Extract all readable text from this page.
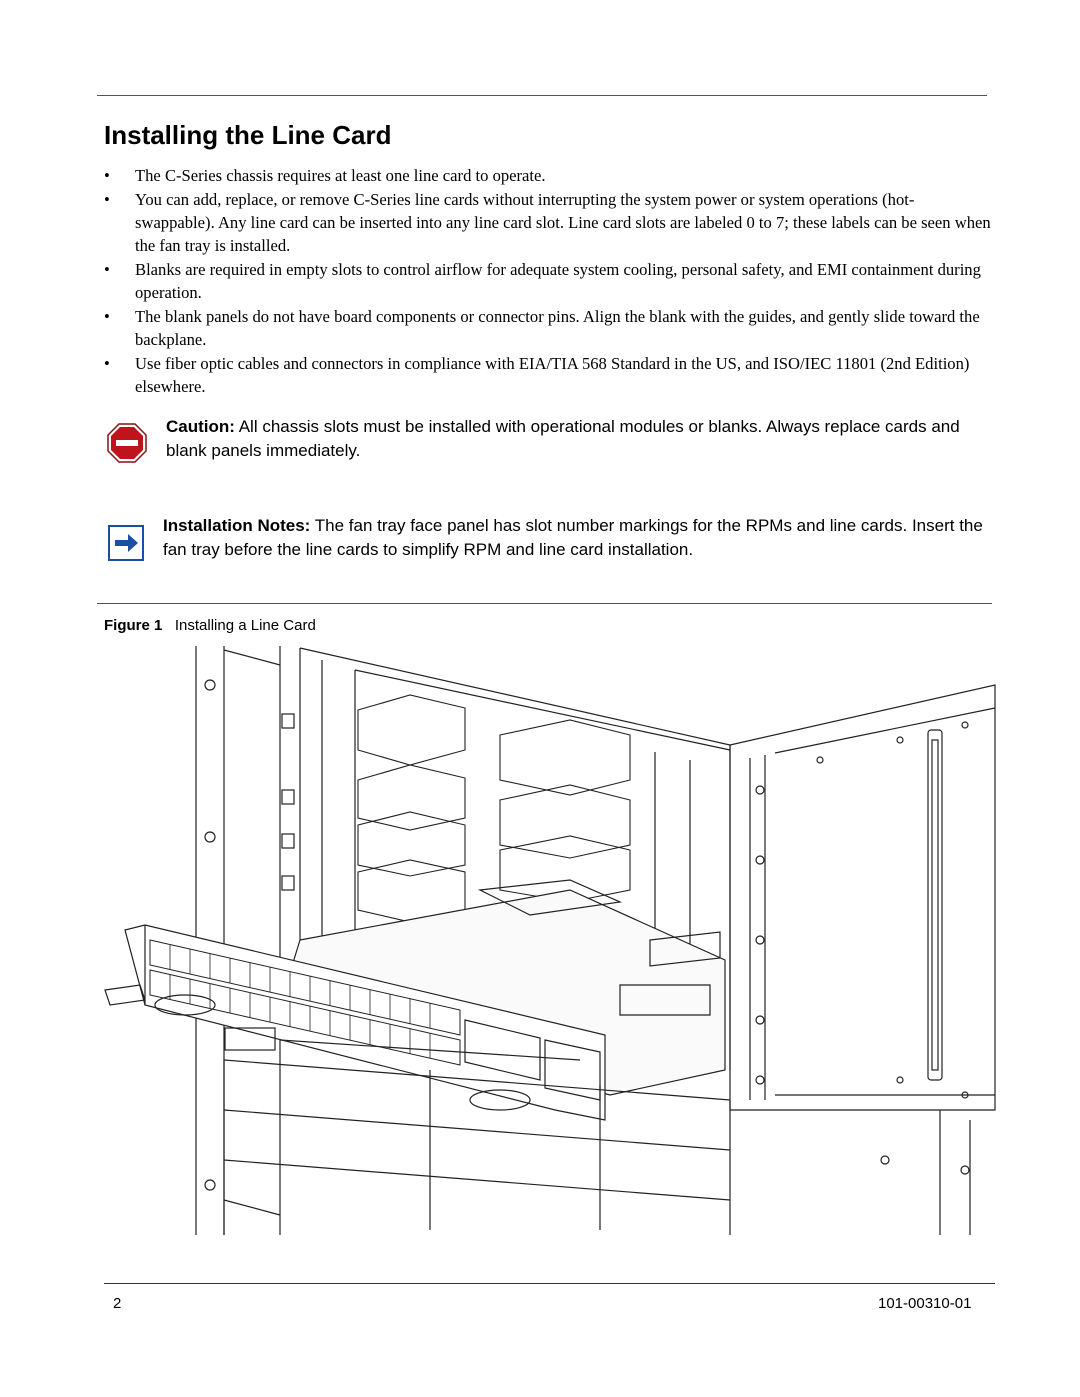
Installing the Line Card
• The C-Series chassis requires at least one line card to operate.
• You can add, replace, or remove C-Series line cards without interrupting the system power or system operations (hot-swappable). Any line card can be inserted into any line card slot. Line card slots are labeled 0 to 7; these labels can be seen when the fan tray is installed.
• Blanks are required in empty slots to control airflow for adequate system cooling, personal safety, and EMI containment during operation.
• The blank panels do not have board components or connector pins. Align the blank with the guides, and gently slide toward the backplane.
• Use fiber optic cables and connectors in compliance with EIA/TIA 568 Standard in the US, and ISO/IEC 11801 (2nd Edition) elsewhere.
Caution: All chassis slots must be installed with operational modules or blanks. Always replace cards and blank panels immediately.
Installation Notes: The fan tray face panel has slot number markings for the RPMs and line cards. Insert the fan tray before the line cards to simplify RPM and line card installation.
Figure 1 Installing a Line Card
2	101-00310-01
